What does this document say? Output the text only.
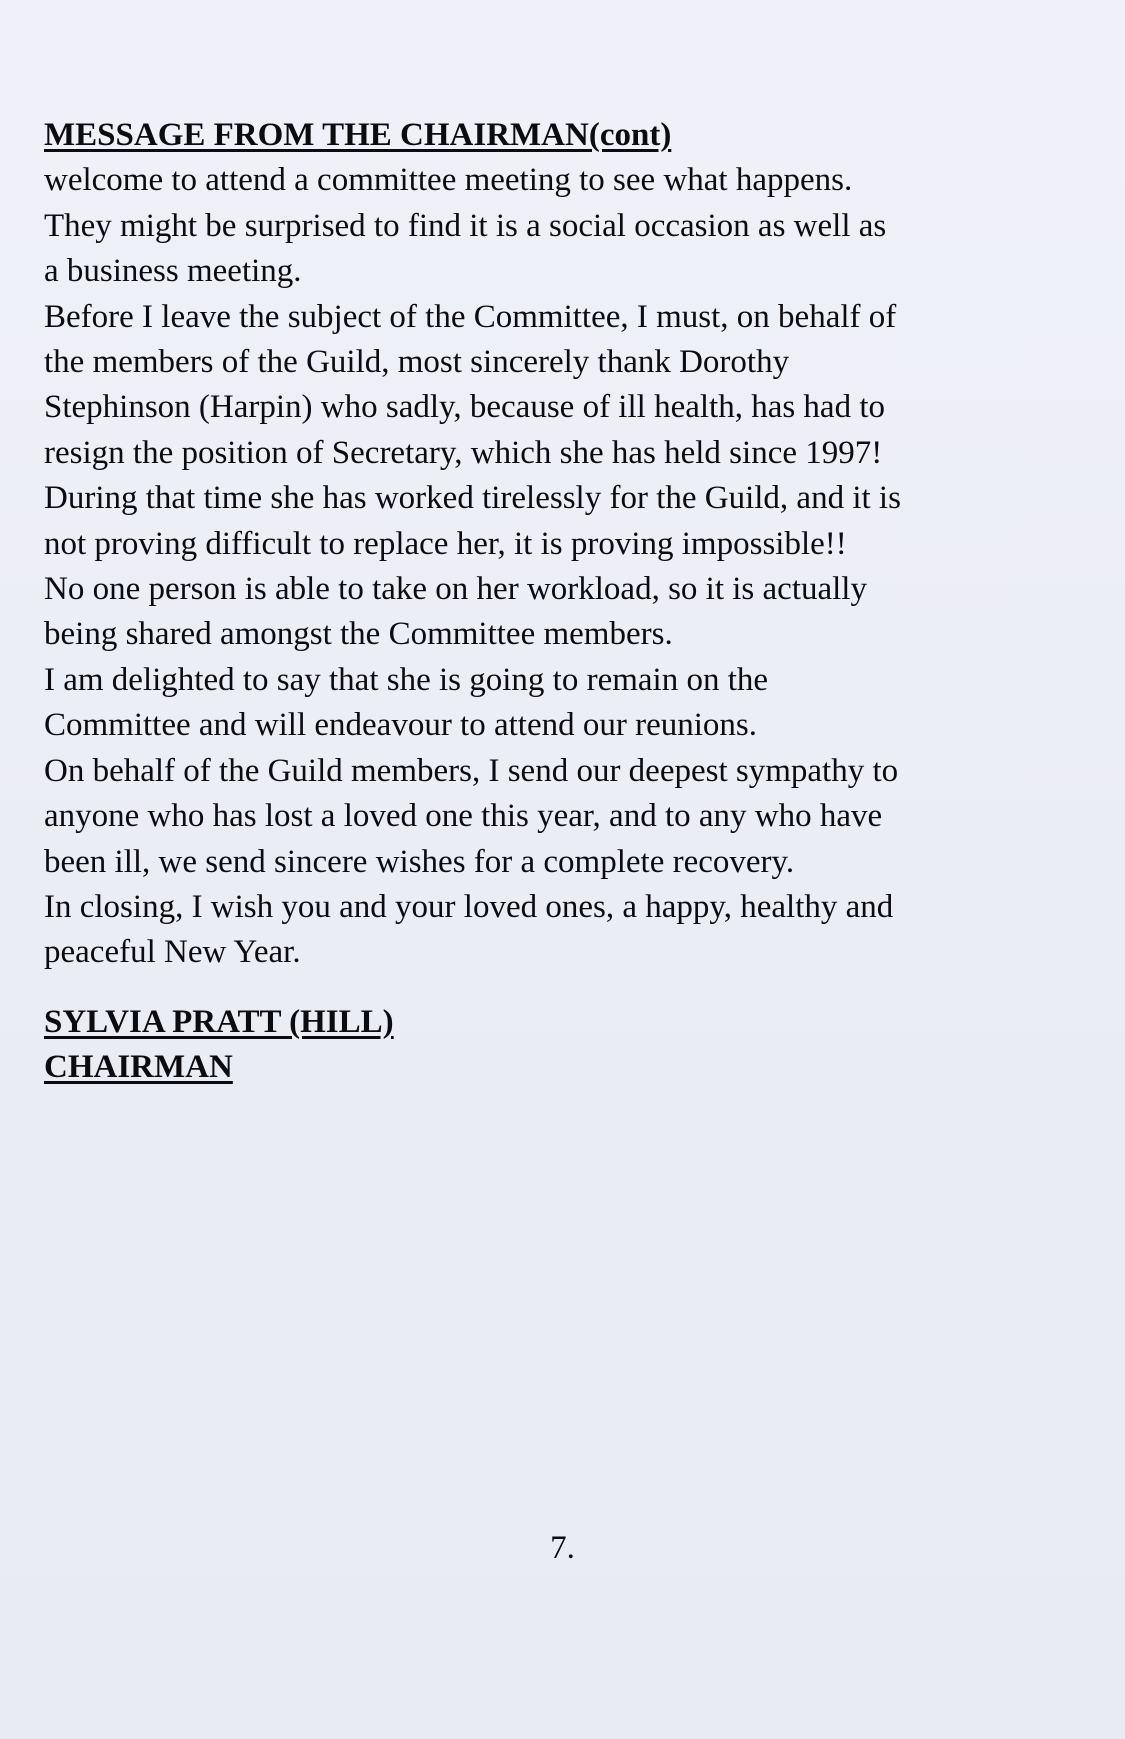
MESSAGE FROM THE CHAIRMAN(cont)

welcome to attend a committee meeting to see what happens.

They might be surprised to find it is a social occasion as well as

a business meeting.

Before I leave the subject of the Committee, I must, on behalf of

the members of the Guild, most sincerely thank Dorothy

Stephinson (Harpin) who sadly, because of ill health, has had to

resign the position of Secretary, which she has held since 1997!

During that time she has worked tirelessly for the Guild, and it is

not proving difficult to replace her, it is proving impossible!!

No one person is able to take on her workload, so it is actually

being shared amongst the Committee members.

I am delighted to say that she is going to remain on the

Committee and will endeavour to attend our reunions.

On behalf of the Guild members, I send our deepest sympathy to

anyone who has lost a loved one this year, and to any who have

been ill, we send sincere wishes for a complete recovery.

In closing, I wish you and your loved ones, a happy, healthy and

peaceful New Year.

SYLVIA PRATT (HILL)

CHAIRMAN

7.
